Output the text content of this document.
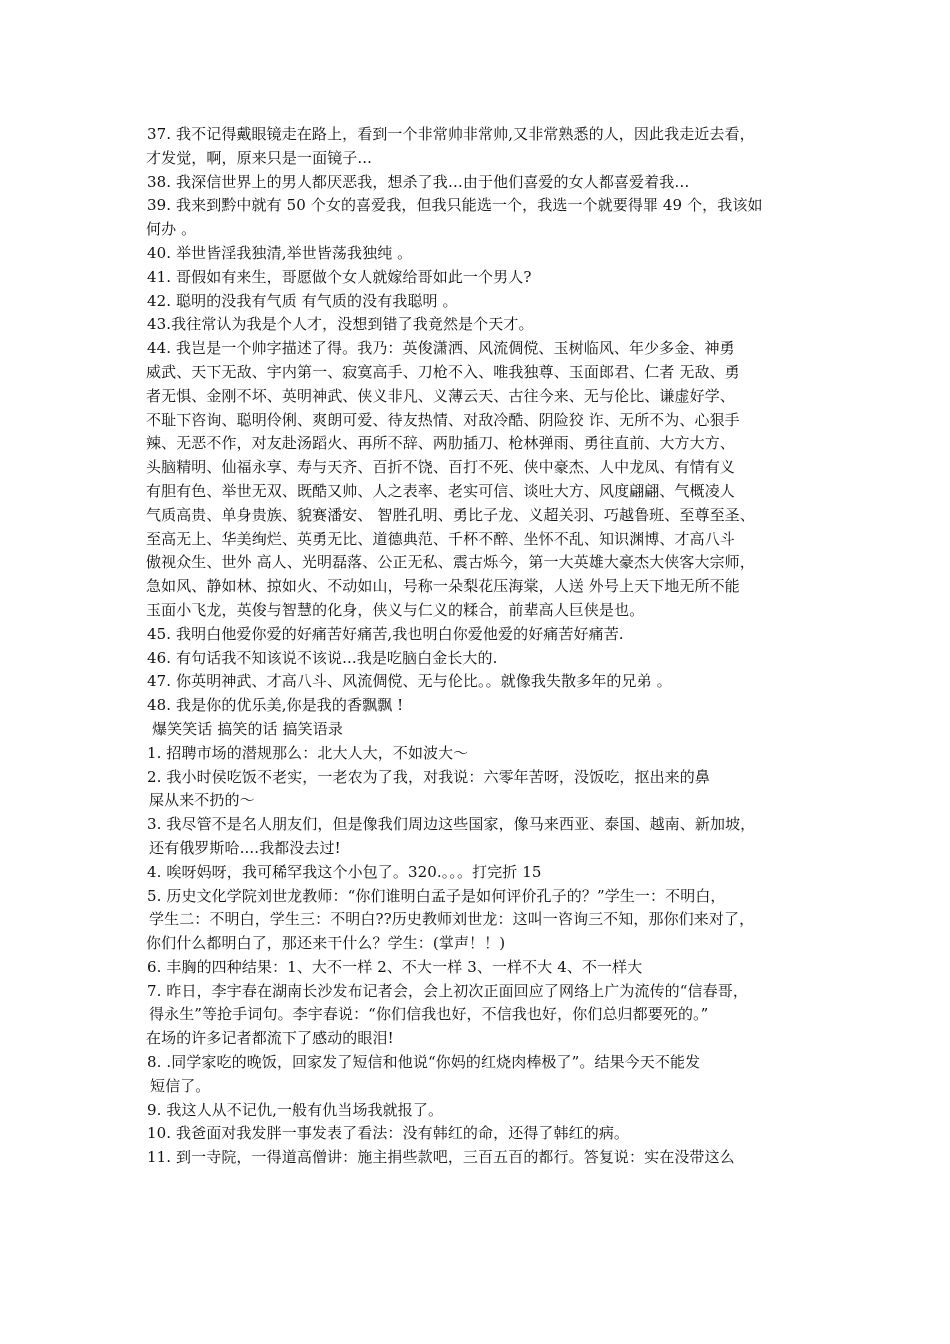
37. 我不记得戴眼镜走在路上，看到一个非常帅非常帅,又非常熟悉的人，因此我走近去看，
才发觉，啊，原来只是一面镜子...
38. 我深信世界上的男人都厌恶我，想杀了我…由于他们喜爱的女人都喜爱着我…
39. 我来到黔中就有 50 个女的喜爱我，但我只能选一个，我选一个就要得罪 49 个，我该如
何办 。
40. 举世皆淫我独清,举世皆荡我独纯 。
41. 哥假如有来生，哥愿做个女人就嫁给哥如此一个男人?
42. 聪明的没我有气质 有气质的没有我聪明 。
43.我往常认为我是个人才，没想到错了我竟然是个天才。
44. 我岂是一个帅字描述了得。我乃：英俊潇洒、风流倜傥、玉树临风、年少多金、神勇
威武、天下无敌、宇内第一、寂寞高手、刀枪不入、唯我独尊、玉面郎君、仁者 无敌、勇
者无惧、金刚不坏、英明神武、侠义非凡、义薄云天、古往今来、无与伦比、谦虚好学、
不耻下咨询、聪明伶俐、爽朗可爱、待友热情、对敌冷酷、阴险狡 诈、无所不为、心狠手
辣、无恶不作，对友赴汤蹈火、再所不辞、两肋插刀、枪林弹雨、勇往直前、大方大方、
头脑精明、仙福永享、寿与天齐、百折不饶、百打不死、侠中豪杰、人中龙凤、有情有义
有胆有色、举世无双、既酷又帅、人之表率、老实可信、谈吐大方、风度翩翩、气概凌人
气质高贵、单身贵族、貌赛潘安、 智胜孔明、勇比子龙、义超关羽、巧越鲁班、至尊至圣、
至高无上、华美绚烂、英勇无比、道德典范、千杯不醉、坐怀不乱、知识渊博、才高八斗
傲视众生、世外 高人、光明磊落、公正无私、震古烁今，第一大英雄大豪杰大侠客大宗师，
急如风、静如林、掠如火、不动如山，号称一朵梨花压海棠，人送 外号上天下地无所不能
玉面小飞龙，英俊与智慧的化身，侠义与仁义的糅合，前辈高人巨侠是也。
45. 我明白他爱你爱的好痛苦好痛苦,我也明白你爱他爱的好痛苦好痛苦.
46. 有句话我不知该说不该说...我是吃脑白金长大的.
47. 你英明神武、才高八斗、风流倜傥、无与伦比。。就像我失散多年的兄弟 。
48. 我是你的优乐美,你是我的香飘飘 !
爆笑笑话 搞笑的话 搞笑语录
1. 招聘市场的潜规那么：北大人大，不如波大～
2. 我小时侯吃饭不老实，一老农为了我，对我说：六零年苦呀，没饭吃，抠出来的鼻
屎从来不扔的～
3. 我尽管不是名人朋友们，但是像我们周边这些国家，像马来西亚、泰国、越南、新加坡，
还有俄罗斯哈....我都没去过!
4. 唉呀妈呀，我可稀罕我这个小包了。320.。。。打完折 15
5. 历史文化学院刘世龙教师：“你们谁明白孟子是如何评价孔子的？”学生一：不明白，
学生二：不明白，学生三：不明白??历史教师刘世龙：这叫一咨询三不知，那你们来对了，
你们什么都明白了，那还来干什么？学生：(掌声！！)
6. 丰胸的四种结果：1、大不一样 2、不大一样 3、一样不大 4、不一样大
7. 昨日，李宇春在湖南长沙发布记者会，会上初次正面回应了网络上广为流传的“信春哥，
得永生”等抢手词句。李宇春说：“你们信我也好，不信我也好，你们总归都要死的。”
在场的许多记者都流下了感动的眼泪!
8. .同学家吃的晚饭，回家发了短信和他说“你妈的红烧肉棒极了”。结果今天不能发
短信了。
9. 我这人从不记仇,一般有仇当场我就报了。
10. 我爸面对我发胖一事发表了看法：没有韩红的命，还得了韩红的病。
11. 到一寺院，一得道高僧讲：施主捐些款吧，三百五百的都行。答复说：实在没带这么
